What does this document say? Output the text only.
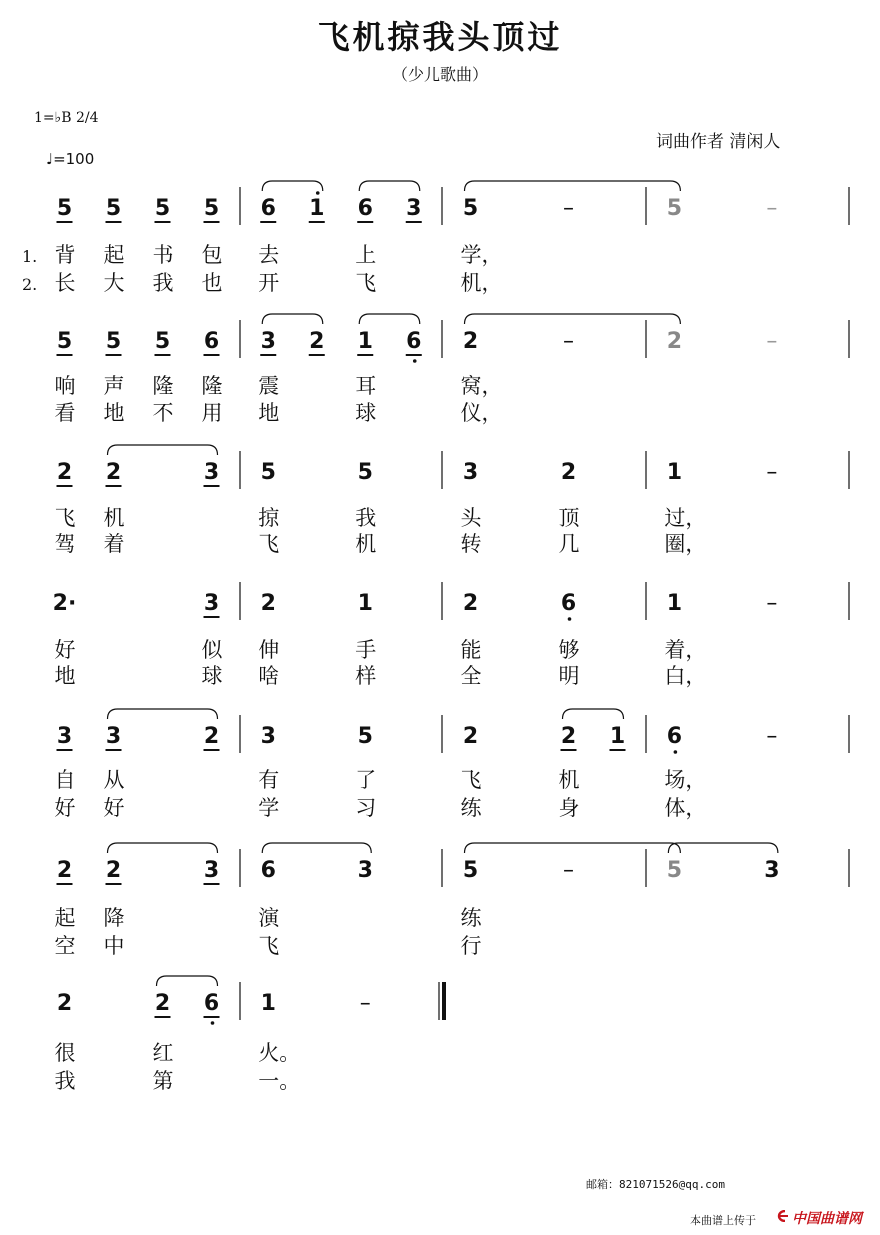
飞机掠我头顶过
（少儿歌曲）
1=♭B 2/4
♩=100
词曲作者 清闲人
5 5 5 5 6 1 6 3 5	–	5	–
1. 背 起 书 包 去	上	学，
2. 长 大 我 也 开	飞	机，
5 5 5 6 3 2 1 6 2	–	2	–
响 声 隆 隆 震	耳	窝，
看 地 不 用 地	球	仪，
2 2	3 5	5	3	2	1	–
飞 机	掠	我	头	顶	过，
驾 着	飞	机	转	几	圈，
2·	3 2	1	2	6	1	–
好	似 伸	手	能	够	着，
地	球 啥	样	全	明	白，
3 3	2 3	5	2	2 1 6	–
自 从	有	了	飞	机	场，
好 好	学	习	练	身	体，
2 2	3 6	3	5	–	5	3
起 降	演	练
空 中	飞	行
2	2 6 1	–
很	红	火。
我	第	一。
邮箱：821071526@qq.com
本曲谱上传于	中国曲谱网
